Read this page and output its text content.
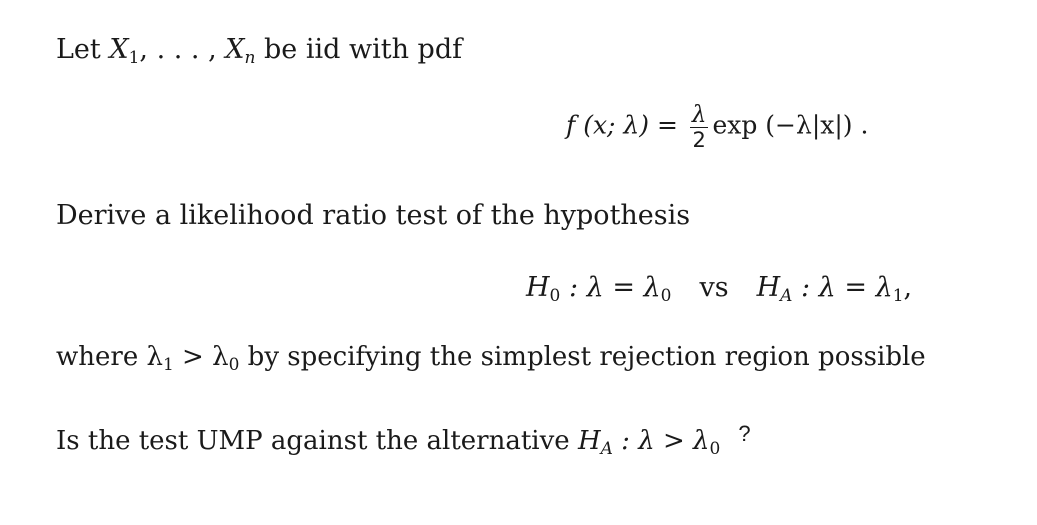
Let $X_1$, . . . , Xn be iid with pdf
f (x; $\lambda) = \frac{\lambda}{2}$ exp (−λ|x|) .
Derive a likelihood ratio test of the hypothesis
$H_0$ : $\lambda = \lambda_0$ vs HA : $\lambda = \lambda_1$,
where $\lambda_1 > \lambda_0$ by specifying the simplest rejection region possible
Is the test UMP against the alternative HA : $\lambda > \lambda_0^?$
